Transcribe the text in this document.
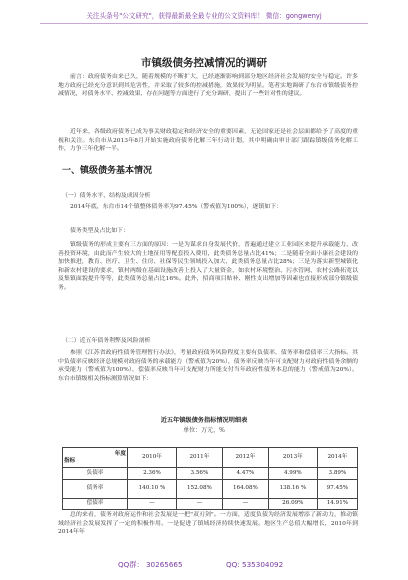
关注头条号"公文研究"，获得最新最全最专业的公文资料库！ 微信：gongwenyj
市镇级债务控减情况的调研

前言：政府债务由来已久，随着规模的不断扩大，已经逐渐影响到部分地区经济社会发展的安全与稳定。许多地方政府已经充分意识到其危害性，并采取了较多的控减措施，效果较为明显。笔者实地调研了东台市镇级债务控减情况，对债务水平、控减效果、存在问题等方面进行了充分调研，提出了一些针对性的建议。

近年来，各级政府债务已成为事关财政稳定和经济安全的重要因素，无论国家还是社会层面都给予了高度的重视和关注。东台市从2013年8月开始实施政府债务化解三年行动计划，其中明确由审计部门跟踪镇级债务化解工作，力争三年化解一半。

一、镇级债务基本情况
（一）债务水平、结构及成因分析

2014年底，东台市14个镇整体债务率为97.45%（警戒值为100%），逐镇如下：

债务类型及占比如下：

镇级债务的形成主要有三方面的原因：一是为谋求自身发展代价，普遍通过建立工业园区来提升承载能力、改善投资环境，由此而产生较大的土地征用等配套投入费用，此类债务总量占比41%；二是随着全面小康社会建设的加快推进，教育、医疗、卫生、住房、社保等民生领域投入加大，此类债务总量占比28%；三是为落实新型城镇化和新农村建设的要求，镇村两级在基础设施改善上投入了大量资金，如农村环境整治、污水管网、农村公路拓宽以及集镇面貌提升等等，此类债务总量占比16%。此外，招商项目贴补、刚性支出增加等因素也直接形成部分镇级债务。

（二）近五年债务利弊及风险剖析

参照《江苏省政府性债务管理暂行办法》，考量政府债务风险程度主要有负债率、债务率和偿债率三大指标。其中负债率反映经济总规模对政府债务的承载能力（警戒值为20%），债务率反映当年可支配财力对政府性债务余额的承受能力（警戒值为100%），偿债率反映当年可支配财力所能支付当年政府性债务本息的能力（警戒值为20%）。东台市镇级相关指标测算情况如下：

近五年镇级债务指标情况明细表
单位：万元、%
年度
指标	2010年	2011年	2012年	2013年	2014年
负债率	2.36%	3.56%	4.47%	4.99%	3.89%
债务率	140.10 %	152.08%	164.08%	138.16 %	97.45%
偿债率	—	—	—	26.09%	14.91%

总的来看，债务对政府运作和社会发展是一把"双刃剑"。一方面，适度负债为经济发展增添了新动力，推动镇域经济社会发展发挥了一定的积极作用。一是促进了镇域经济持续快速发展。地区生产总值大幅增长，2010年到2014年年

QQ群： 30265665	QQ: 535304092
